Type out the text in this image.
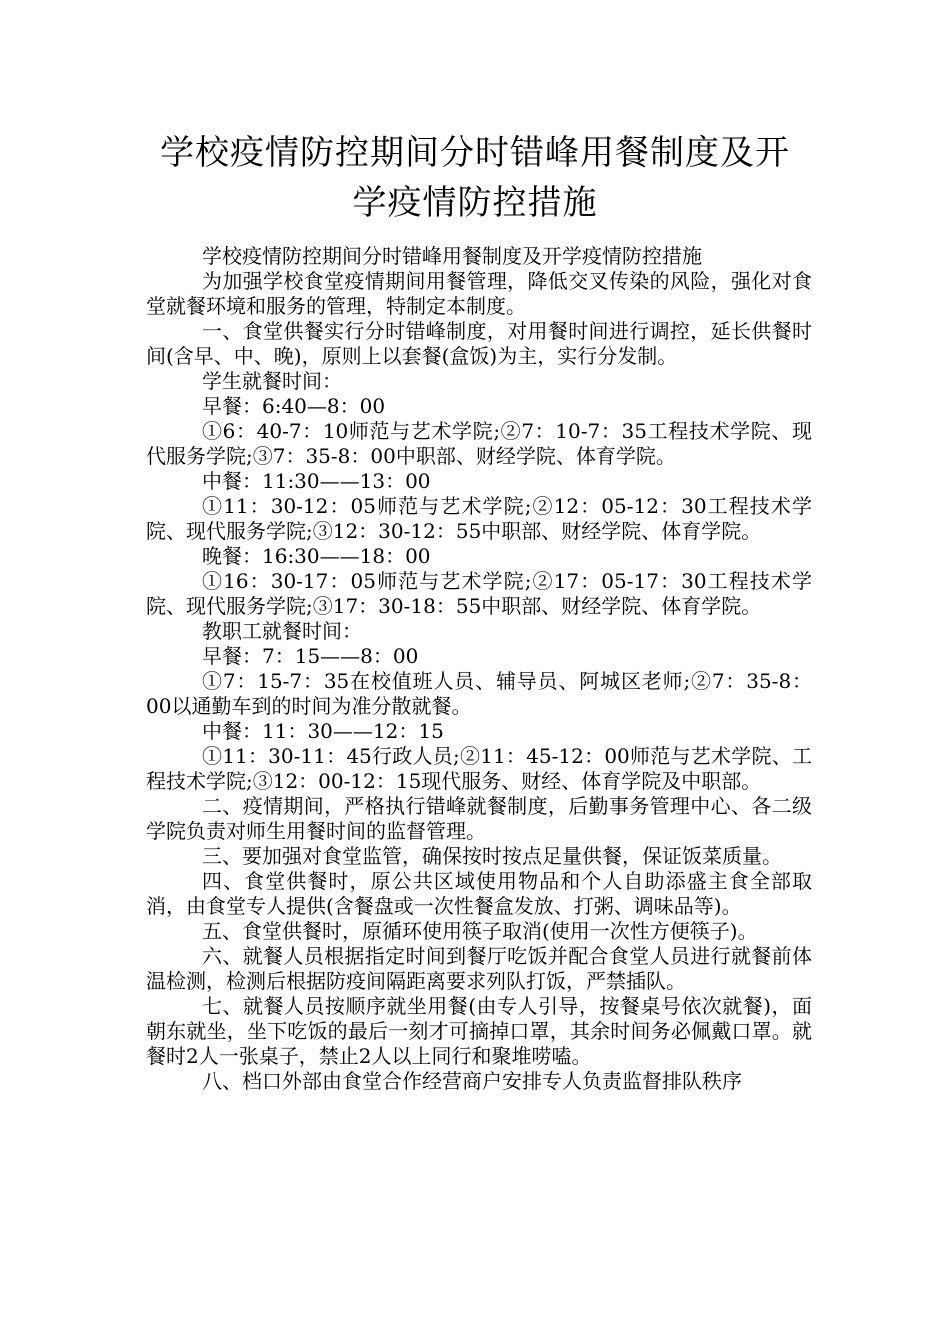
学校疫情防控期间分时错峰用餐制度及开
学疫情防控措施

学校疫情防控期间分时错峰用餐制度及开学疫情防控措施

为加强学校食堂疫情期间用餐管理，降低交叉传染的风险，强化对食堂就餐环境和服务的管理，特制定本制度。

一、食堂供餐实行分时错峰制度，对用餐时间进行调控，延长供餐时间(含早、中、晚)，原则上以套餐(盒饭)为主，实行分发制。

学生就餐时间：

早餐：6:40—8：00

①6：40-7：10师范与艺术学院;②7：10-7：35工程技术学院、现代服务学院;③7：35-8：00中职部、财经学院、体育学院。

中餐：11:30——13：00

①11：30-12：05师范与艺术学院;②12：05-12：30工程技术学院、现代服务学院;③12：30-12：55中职部、财经学院、体育学院。

晚餐：16:30——18：00

①16：30-17：05师范与艺术学院;②17：05-17：30工程技术学院、现代服务学院;③17：30-18：55中职部、财经学院、体育学院。

教职工就餐时间：

早餐：7：15——8：00

①7：15-7：35在校值班人员、辅导员、阿城区老师;②7：35-8：00以通勤车到的时间为准分散就餐。

中餐：11：30——12：15

①11：30-11：45行政人员;②11：45-12：00师范与艺术学院、工程技术学院;③12：00-12：15现代服务、财经、体育学院及中职部。

二、疫情期间，严格执行错峰就餐制度，后勤事务管理中心、各二级学院负责对师生用餐时间的监督管理。

三、要加强对食堂监管，确保按时按点足量供餐，保证饭菜质量。

四、食堂供餐时，原公共区域使用物品和个人自助添盛主食全部取消，由食堂专人提供(含餐盘或一次性餐盒发放、打粥、调味品等)。

五、食堂供餐时，原循环使用筷子取消(使用一次性方便筷子)。

六、就餐人员根据指定时间到餐厅吃饭并配合食堂人员进行就餐前体温检测，检测后根据防疫间隔距离要求列队打饭，严禁插队。

七、就餐人员按顺序就坐用餐(由专人引导，按餐桌号依次就餐)，面朝东就坐，坐下吃饭的最后一刻才可摘掉口罩，其余时间务必佩戴口罩。就餐时2人一张桌子，禁止2人以上同行和聚堆唠嗑。

八、档口外部由食堂合作经营商户安排专人负责监督排队秩序
